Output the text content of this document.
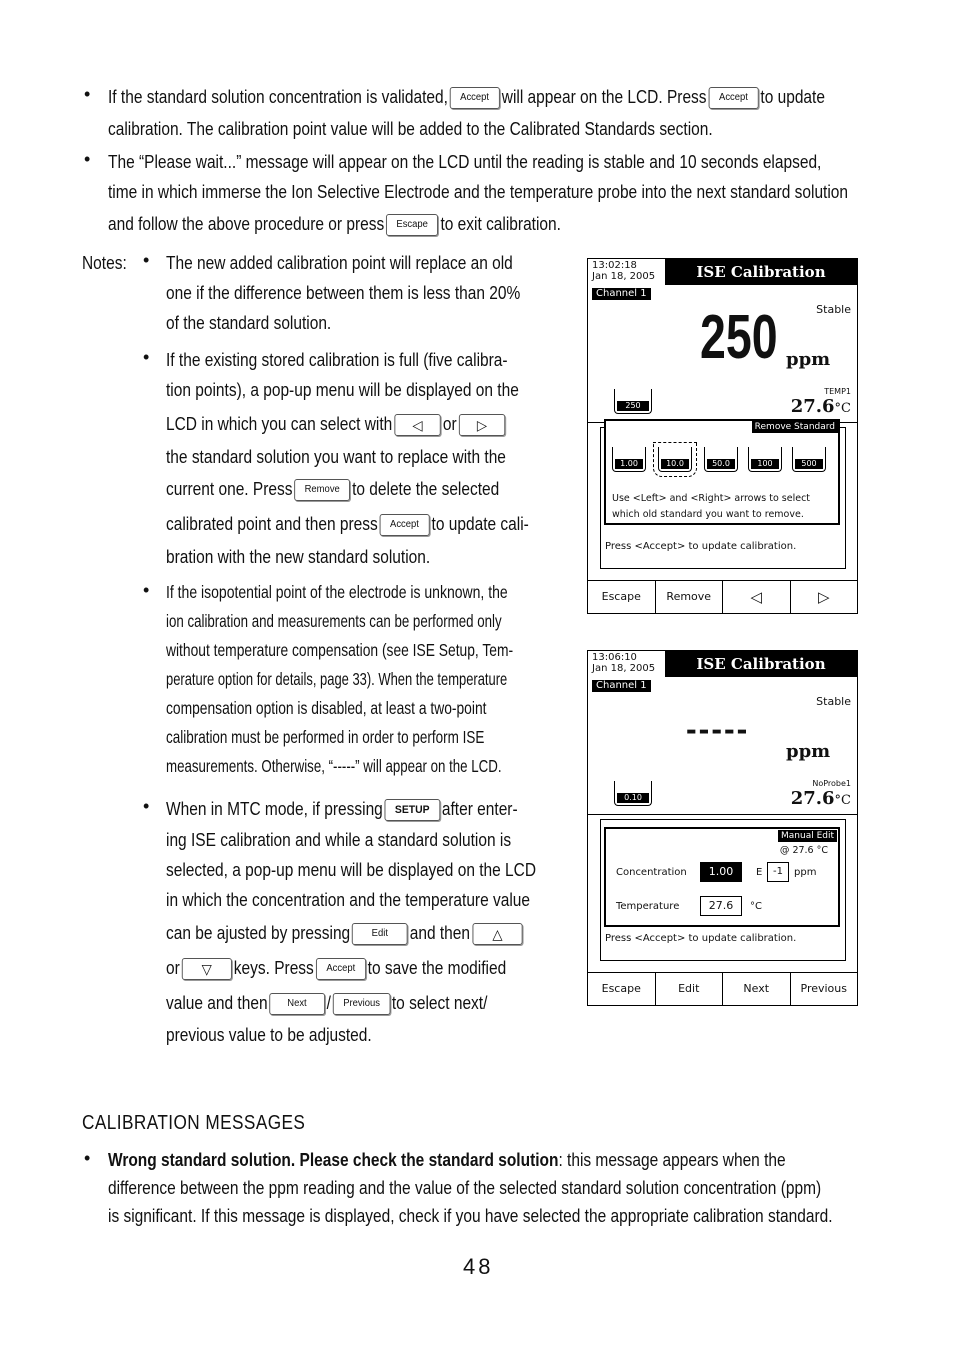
• If the standard solution concentration is validated, Accept will appear on the LCD. Press Accept to update
calibration. The calibration point value will be added to the Calibrated Standards section.
• The “Please wait...” message will appear on the LCD until the reading is stable and 10 seconds elapsed,
time in which immerse the Ion Selective Electrode and the temperature probe into the next standard solution
and follow the above procedure or press Escape to exit calibration.
Notes: • The new added calibration point will replace an old
one if the difference between them is less than 20%
of the standard solution.
• If the existing stored calibration is full (five calibra-
tion points), a pop-up menu will be displayed on the
LCD in which you can select with ◁ or ▷
the standard solution you want to replace with the
current one. Press Remove to delete the selected
calibrated point and then press Accept to update cali-
bration with the new standard solution.
• If the isopotential point of the electrode is unknown, the
ion calibration and measurements can be performed only
without temperature compensation (see ISE Setup, Tem-
perature option for details, page 33). When the temperature
compensation option is disabled, at least a two-point
calibration must be performed in order to perform ISE
measurements. Otherwise, “-----” will appear on the LCD.
• When in MTC mode, if pressing SETUP after enter-
ing ISE calibration and while a standard solution is
selected, a pop-up menu will be displayed on the LCD
in which the concentration and the temperature value
can be ajusted by pressing Edit and then △
or ▽ keys. Press Accept to save the modified
value and then Next / Previous to select next/
previous value to be adjusted.
13:02:18
Jan 18, 2005	ISE Calibration
Channel 1
Stable
250 ppm
250
TEMP1
27.6°C
Remove Standard
1.00	10.0	50.0	100	500
Use <Left> and <Right> arrows to select
which old standard you want to remove.
Press <Accept> to update calibration.
Escape	Remove	◁	▷
13:06:10
Jan 18, 2005	ISE Calibration
Channel 1
Stable
-----
ppm
0.10
NoProbe1
27.6°C
Manual Edit
@ 27.6 °C
Concentration	1.00	E	-1	ppm
Temperature	27.6	°C
Press <Accept> to update calibration.
Escape	Edit	Next	Previous
CALIBRATION MESSAGES
• Wrong standard solution. Please check the standard solution: this message appears when the
difference between the ppm reading and the value of the selected standard solution concentration (ppm)
is significant. If this message is displayed, check if you have selected the appropriate calibration standard.
48
